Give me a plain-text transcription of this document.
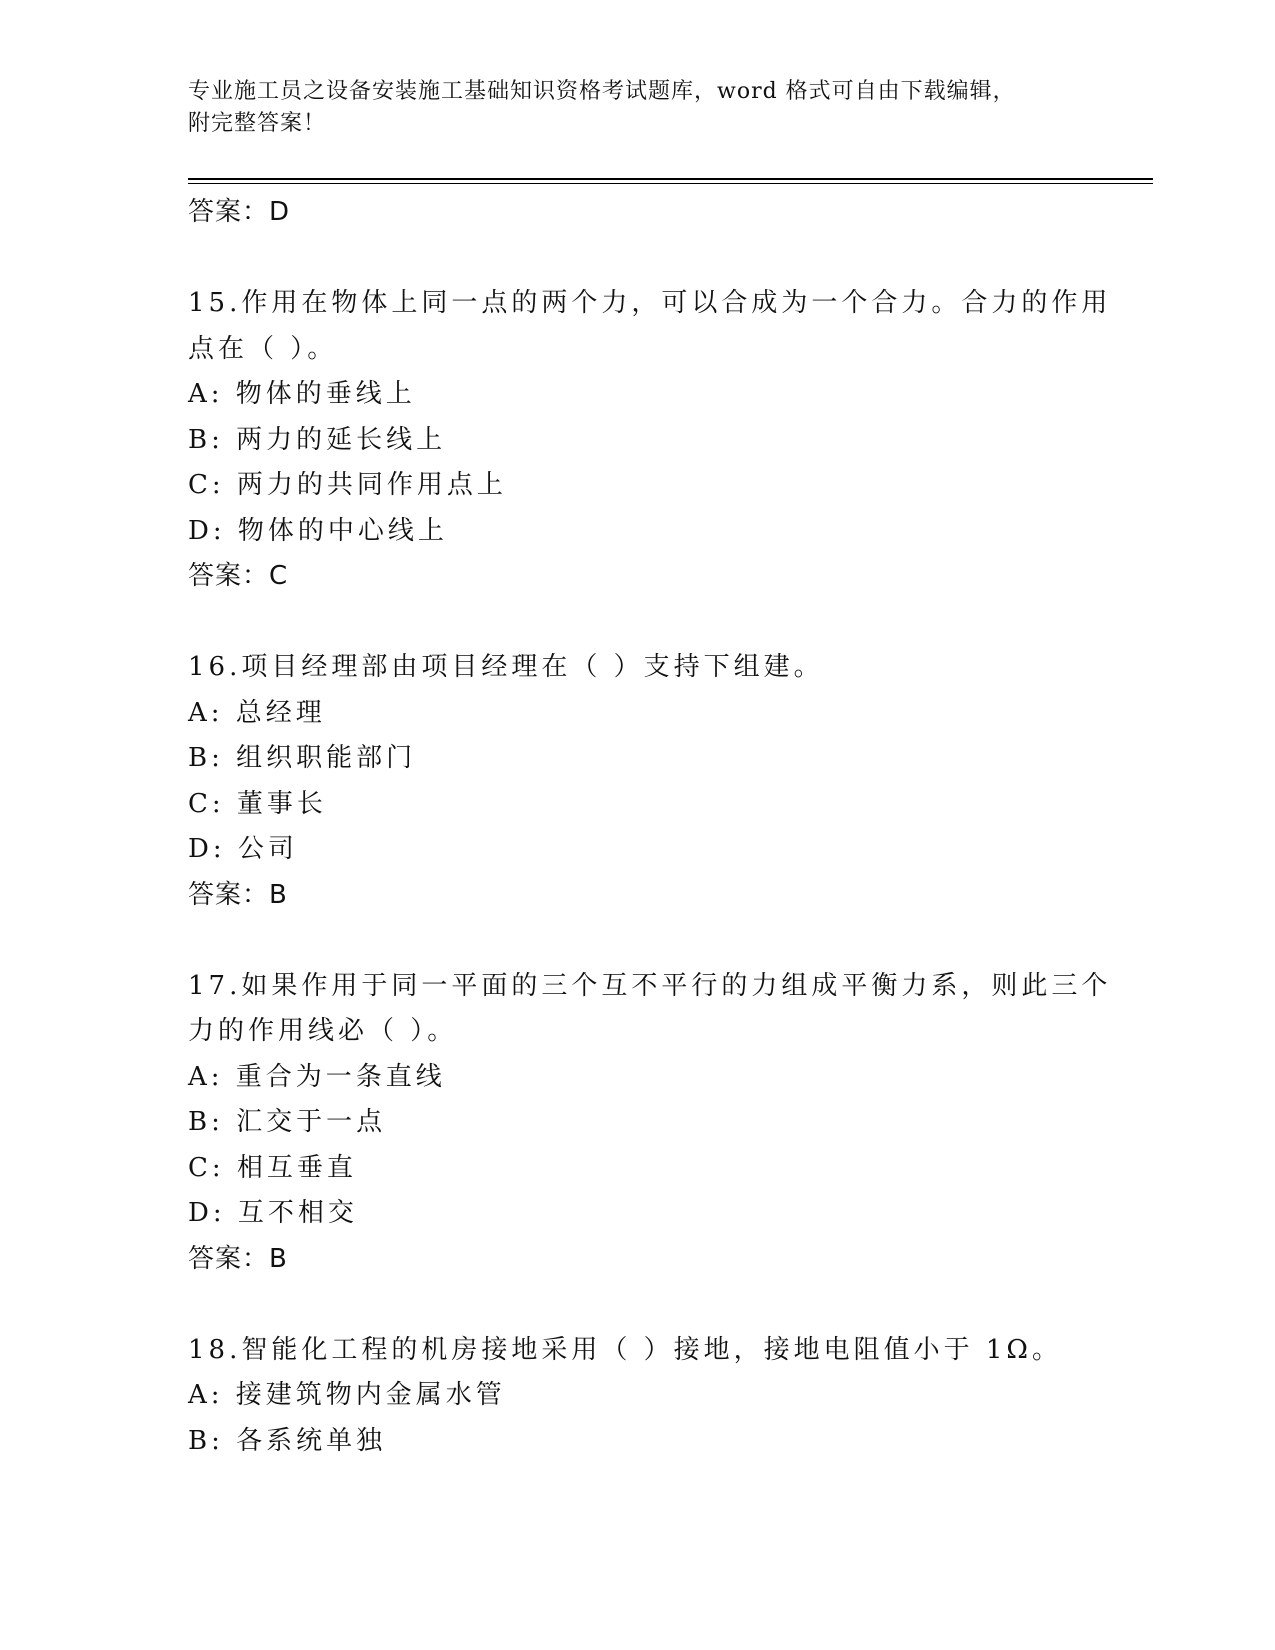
专业施工员之设备安装施工基础知识资格考试题库，word 格式可自由下载编辑，
附完整答案！
答案：D
15.作用在物体上同一点的两个力，可以合成为一个合力。合力的作用
点在（ ）。
A: 物体的垂线上
B: 两力的延长线上
C: 两力的共同作用点上
D: 物体的中心线上
答案：C
16.项目经理部由项目经理在（ ）支持下组建。
A: 总经理
B: 组织职能部门
C: 董事长
D: 公司
答案：B
17.如果作用于同一平面的三个互不平行的力组成平衡力系，则此三个
力的作用线必（ ）。
A: 重合为一条直线
B: 汇交于一点
C: 相互垂直
D: 互不相交
答案：B
18.智能化工程的机房接地采用（ ）接地，接地电阻值小于 1Ω。
A: 接建筑物内金属水管
B: 各系统单独
